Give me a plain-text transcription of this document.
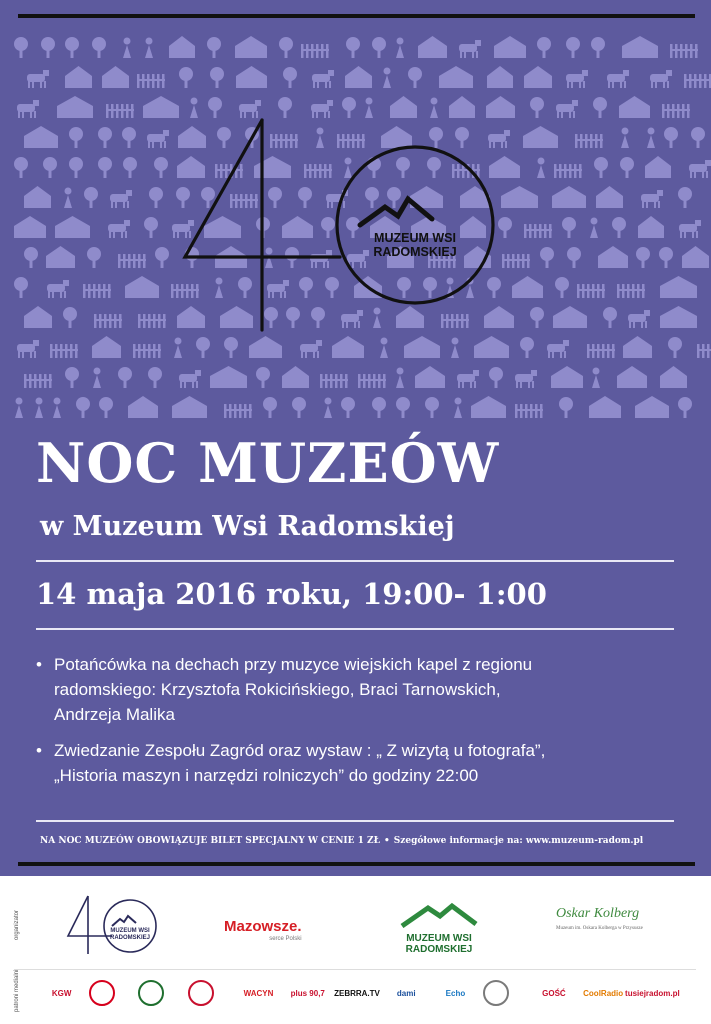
MUZEUM WSI
RADOMSKIEJ
NOC MUZEÓW
w Muzeum Wsi Radomskiej
14 maja 2016 roku, 19:00- 1:00
• Potańcówka na dechach przy muzyce wiejskich kapel z regionu
radomskiego: Krzysztofa Rokicińskiego, Braci Tarnowskich,
Andrzeja Malika
• Zwiedzanie Zespołu Zagród oraz wystaw : „ Z wizytą u fotografa”,
„Historia maszyn i narzędzi rolniczych” do godziny 22:00
NA NOC MUZEÓW OBOWIĄZUJE BILET SPECJALNY W CENIE 1 ZŁ • Szegółowe informacje na: www.muzeum-radom.pl
organizator
patroni medialni
MUZEUM WSI
RADOMSKIEJ
Mazowsze.
serce Polski	MUZEUM WSI
RADOMSKIEJ
Oskar Kolberg
Muzeum im. Oskara Kolberga w Przysusze
KGW	WACYN	plus 90,7	ZEBRRA.TV	dami	Echo	GOŚĆ	CoolRadio tusiejradom.pl
